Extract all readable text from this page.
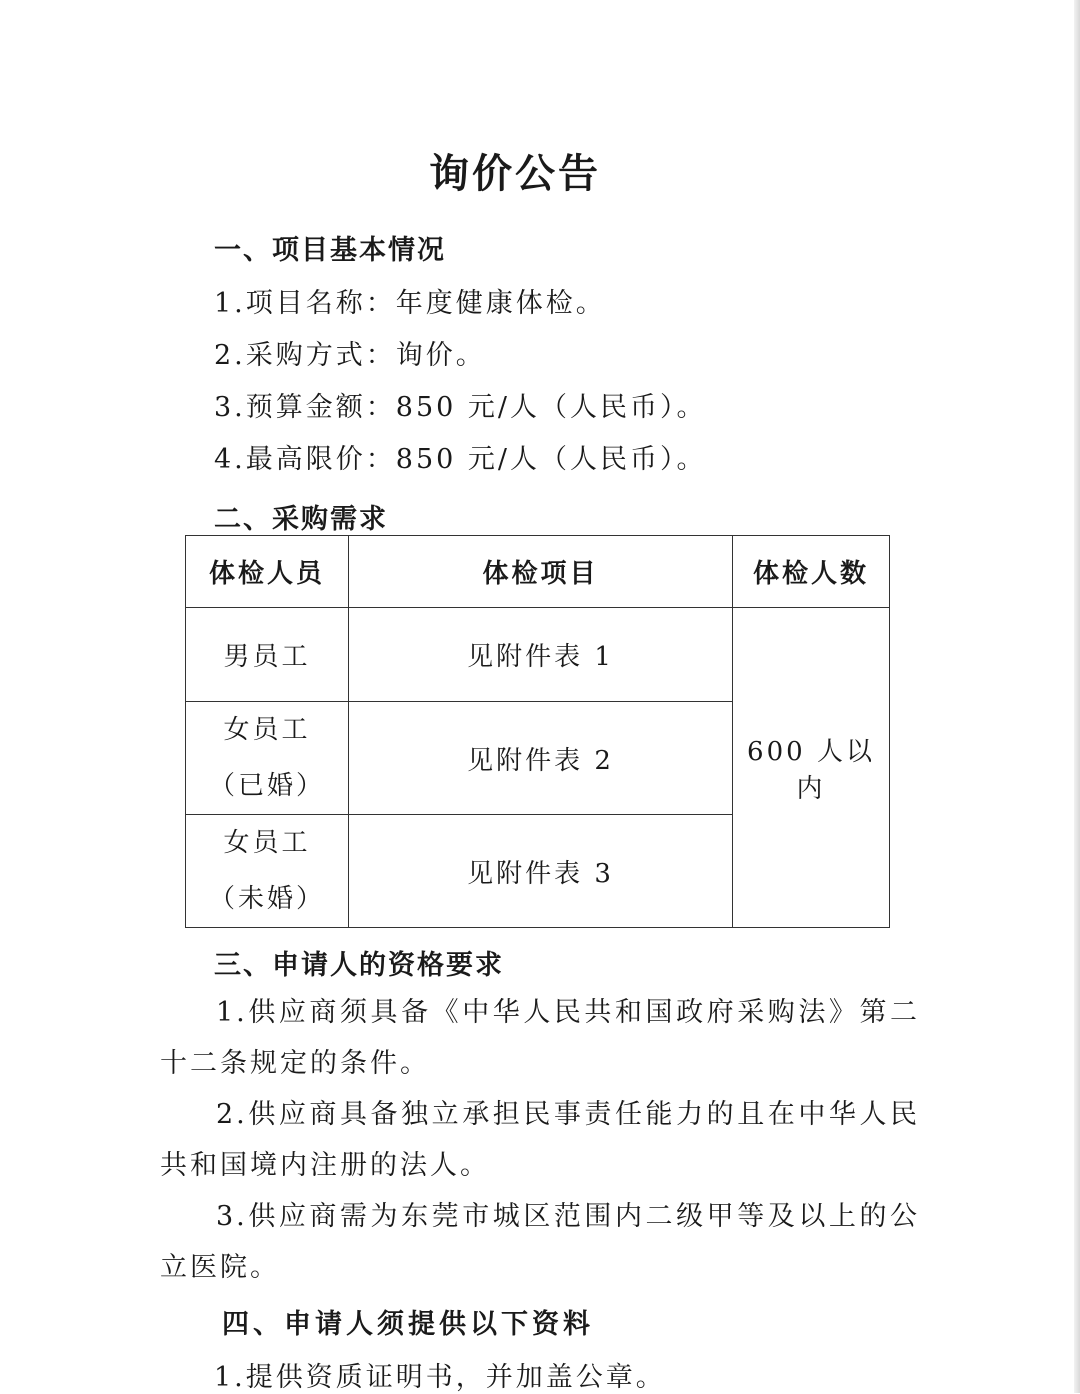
询价公告
一、项目基本情况
1.项目名称：年度健康体检。
2.采购方式：询价。
3.预算金额：850 元/人（人民币）。
4.最高限价：850 元/人（人民币）。
二、采购需求
体检人员	体检项目	体检人数
男员工	见附件表 1	600 人以内

女员工
（已婚）	见附件表 2	

女员工
（未婚）	见附件表 3	
三、申请人的资格要求
1.供应商须具备《中华人民共和国政府采购法》第二十二条规定的条件。
2.供应商具备独立承担民事责任能力的且在中华人民共和国境内注册的法人。
3.供应商需为东莞市城区范围内二级甲等及以上的公立医院。
四、申请人须提供以下资料
1.提供资质证明书，并加盖公章。
